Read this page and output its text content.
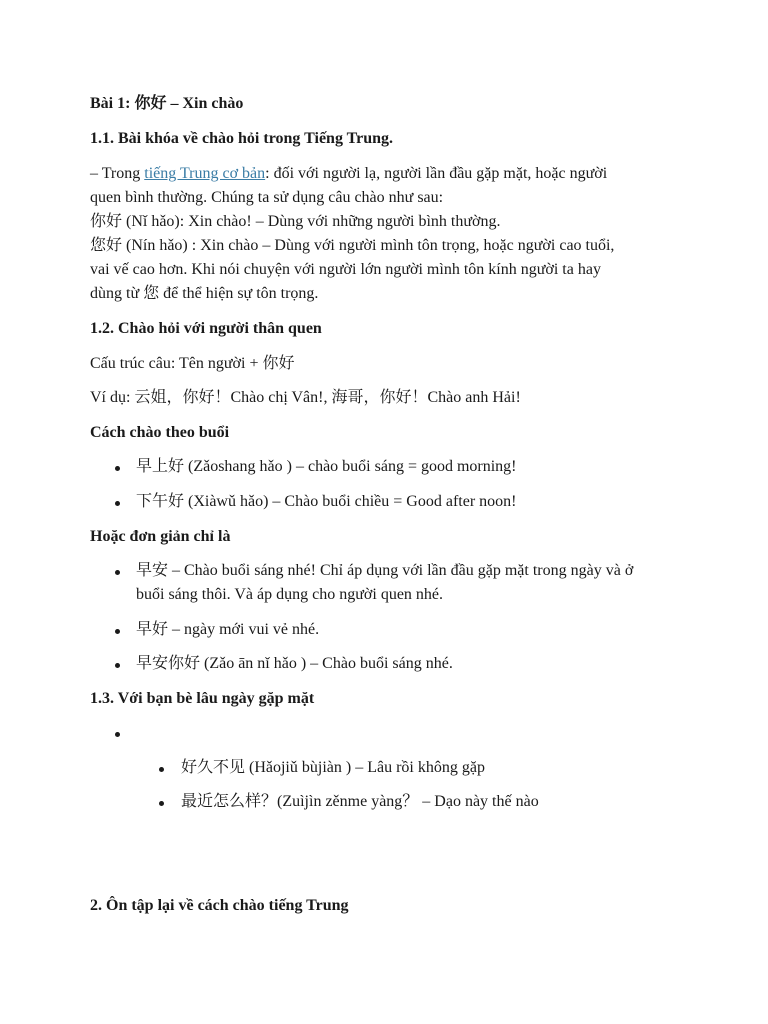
Bài 1: 你好 – Xin chào
1.1. Bài khóa về chào hỏi trong Tiếng Trung.
– Trong tiếng Trung cơ bản: đối với người lạ, người lần đầu gặp mặt, hoặc người
quen bình thường. Chúng ta sử dụng câu chào như sau:
你好 (Nǐ hǎo): Xin chào! – Dùng với những người bình thường.
您好 (Nín hǎo) : Xin chào – Dùng với người mình tôn trọng, hoặc người cao tuổi,
vai vế cao hơn. Khi nói chuyện với người lớn người mình tôn kính người ta hay
dùng từ 您 để thể hiện sự tôn trọng.
1.2. Chào hỏi với người thân quen
Cấu trúc câu: Tên người + 你好
Ví dụ: 云姐，你好！Chào chị Vân!, 海哥，你好！Chào anh Hải!
Cách chào theo buổi
早上好 (Zǎoshang hǎo ) – chào buổi sáng = good morning!
下午好 (Xiàwǔ hǎo) – Chào buổi chiều = Good after noon!
Hoặc đơn giản chỉ là
早安 – Chào buổi sáng nhé! Chỉ áp dụng với lần đầu gặp mặt trong ngày và ở
buổi sáng thôi. Và áp dụng cho người quen nhé.
早好 – ngày mới vui vẻ nhé.
早安你好 (Zǎo ān nǐ hǎo ) – Chào buổi sáng nhé.
1.3. Với bạn bè lâu ngày gặp mặt
好久不见 (Hǎojiǔ bùjiàn ) – Lâu rồi không gặp
最近怎么样？(Zuìjìn zěnme yàng？ – Dạo này thế nào
2. Ôn tập lại về cách chào tiếng Trung
